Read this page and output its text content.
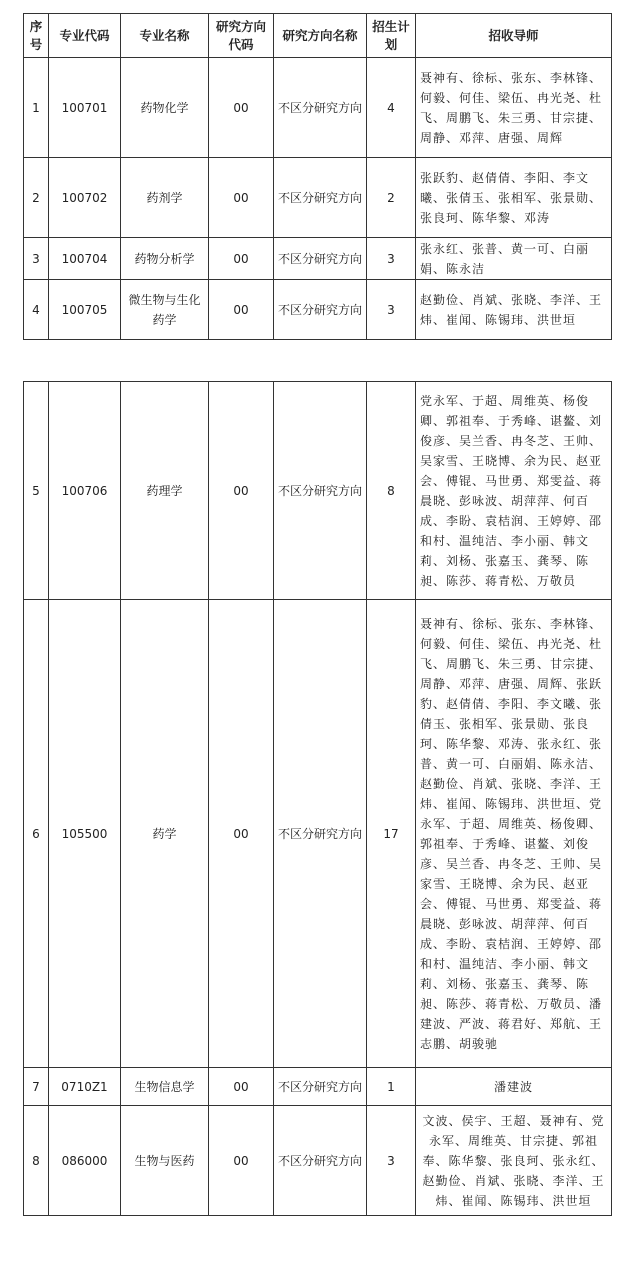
序号	专业代码	专业名称	研究方向代码	研究方向名称	招生计划	招收导师
1	100701	药物化学	00	不区分研究方向	4	聂神有、徐标、张东、李林锋、何毅、何佳、梁伍、冉光尧、杜飞、周鹏飞、朱三勇、甘宗捷、周静、邓萍、唐强、周辉
2	100702	药剂学	00	不区分研究方向	2	张跃豹、赵倩倩、李阳、李文曦、张倩玉、张相军、张景勋、张良珂、陈华黎、邓涛
3	100704	药物分析学	00	不区分研究方向	3	张永红、张普、黄一可、白丽娟、陈永洁
4	100705	微生物与生化药学	00	不区分研究方向	3	赵勤俭、肖斌、张晓、李洋、王炜、崔闻、陈锡玮、洪世垣
5	100706	药理学	00	不区分研究方向	8	党永军、于超、周维英、杨俊卿、郭祖奉、于秀峰、谌鳌、刘俊彦、吴兰香、冉冬芝、王帅、吴家雪、王晓博、余为民、赵亚会、傅锟、马世勇、郑雯益、蒋晨晓、彭咏波、胡萍萍、何百成、李盼、袁桔润、王婷婷、邵和村、温纯洁、李小丽、韩文莉、刘杨、张嘉玉、龚琴、陈昶、陈莎、蒋青松、万敬员
6	105500	药学	00	不区分研究方向	17	聂神有、徐标、张东、李林锋、何毅、何佳、梁伍、冉光尧、杜飞、周鹏飞、朱三勇、甘宗捷、周静、邓萍、唐强、周辉、张跃豹、赵倩倩、李阳、李文曦、张倩玉、张相军、张景勋、张良珂、陈华黎、邓涛、张永红、张普、黄一可、白丽娟、陈永洁、赵勤俭、肖斌、张晓、李洋、王炜、崔闻、陈锡玮、洪世垣、党永军、于超、周维英、杨俊卿、郭祖奉、于秀峰、谌鳌、刘俊彦、吴兰香、冉冬芝、王帅、吴家雪、王晓博、余为民、赵亚会、傅锟、马世勇、郑雯益、蒋晨晓、彭咏波、胡萍萍、何百成、李盼、袁桔润、王婷婷、邵和村、温纯洁、李小丽、韩文莉、刘杨、张嘉玉、龚琴、陈昶、陈莎、蒋青松、万敬员、潘建波、严波、蒋君好、郑航、王志鹏、胡骏驰
7	0710Z1	生物信息学	00	不区分研究方向	1	潘建波
8	086000	生物与医药	00	不区分研究方向	3	文波、侯宇、王超、聂神有、党永军、周维英、甘宗捷、郭祖奉、陈华黎、张良珂、张永红、赵勤俭、肖斌、张晓、李洋、王炜、崔闻、陈锡玮、洪世垣
